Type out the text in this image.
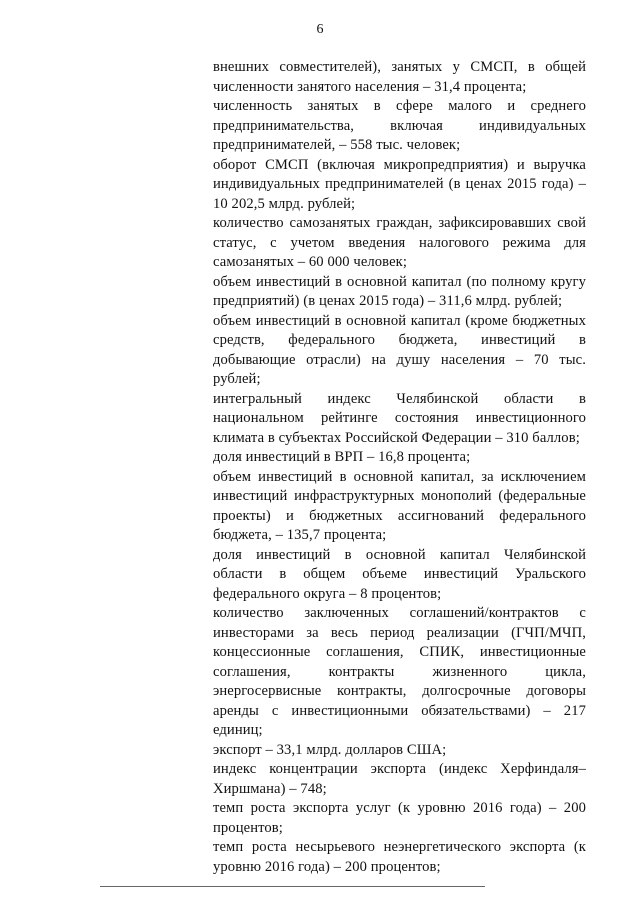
6

внешних совместителей), занятых у СМСП, в общей численности занятого населения – 31,4 процента;

численность занятых в сфере малого и среднего предпринимательства, включая индивидуальных предпринимателей, – 558 тыс. человек;

оборот СМСП (включая микропредприятия) и выручка индивидуальных предпринимателей (в ценах 2015 года) – 10 202,5 млрд. рублей;

количество самозанятых граждан, зафиксировавших свой статус, с учетом введения налогового режима для самозанятых – 60 000 человек;

объем инвестиций в основной капитал (по полному кругу предприятий) (в ценах 2015 года) – 311,6 млрд. рублей;

объем инвестиций в основной капитал (кроме бюджетных средств, федерального бюджета, инвестиций в добывающие отрасли) на душу населения – 70 тыс. рублей;

интегральный индекс Челябинской области в национальном рейтинге состояния инвестиционного климата в субъектах Российской Федерации – 310 баллов;

доля инвестиций в ВРП – 16,8 процента;

объем инвестиций в основной капитал, за исключением инвестиций инфраструктурных монополий (федеральные проекты) и бюджетных ассигнований федерального бюджета, – 135,7 процента;

доля инвестиций в основной капитал Челябинской области в общем объеме инвестиций Уральского федерального округа – 8 процентов;

количество заключенных соглашений/контрактов с инвесторами за весь период реализации (ГЧП/МЧП, концессионные соглашения, СПИК, инвестиционные соглашения, контракты жизненного цикла, энергосервисные контракты, долгосрочные договоры аренды с инвестиционными обязательствами) – 217 единиц;

экспорт – 33,1 млрд. долларов США;

индекс концентрации экспорта (индекс Херфиндаля–Хиршмана) – 748;

темп роста экспорта услуг (к уровню 2016 года) – 200 процентов;

темп роста несырьевого неэнергетического экспорта (к уровню 2016 года) – 200 процентов;
